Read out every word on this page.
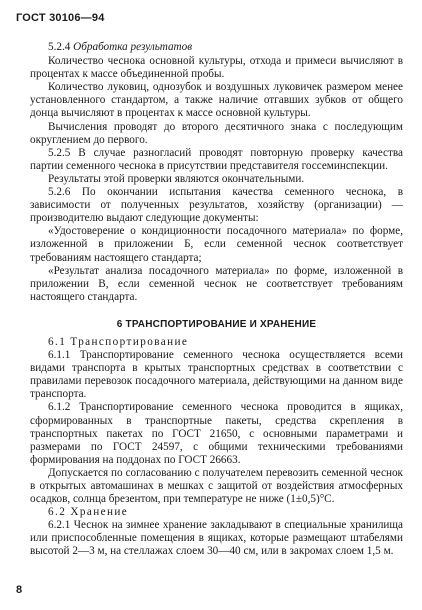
ГОСТ 30106—94

5.2.4 Обработка результатов

Количество чеснока основной культуры, отхода и примеси вычисляют в процентах к массе объединенной пробы.

Количество луковиц, однозубок и воздушных луковичек размером менее установленного стандартом, а также наличие отгавших зубков от общего донца вычисляют в процентах к массе основной культуры.

Вычисления проводят до второго десятичного знака с последующим округлением до первого.

5.2.5 В случае разногласий проводят повторную проверку качества партии семенного чеснока в присутствии представителя госсеминспекции.

Результаты этой проверки являются окончательными.

5.2.6 По окончании испытания качества семенного чеснока, в зависимости от полученных результатов, хозяйству (организации) — производителю выдают следующие документы:

«Удостоверение о кондиционности посадочного материала» по форме, изложенной в приложении Б, если семенной чеснок соответствует требованиям настоящего стандарта;

«Результат анализа посадочного материала» по форме, изложенной в приложении В, если семенной чеснок не соответствует требованиям настоящего стандарта.

6 ТРАНСПОРТИРОВАНИЕ И ХРАНЕНИЕ

6.1 Транспортирование

6.1.1 Транспортирование семенного чеснока осуществляется всеми видами транспорта в крытых транспортных средствах в соответствии с правилами перевозок посадочного материала, действующими на данном виде транспорта.

6.1.2 Транспортирование семенного чеснока проводится в ящиках, сформированных в транспортные пакеты, средства скрепления в транспортных пакетах по ГОСТ 21650, с основными параметрами и размерами по ГОСТ 24597, с общими техническими требованиями формирования на поддонах по ГОСТ 26663.

Допускается по согласованию с получателем перевозить семенной чеснок в открытых автомашинах в мешках с защитой от воздействия атмосферных осадков, солнца брезентом, при температуре не ниже (1±0,5)°С.

6.2 Хранение

6.2.1 Чеснок на зимнее хранение закладывают в специальные хранилища или приспособленные помещения в ящиках, которые размещают штабелями высотой 2—3 м, на стеллажах слоем 30—40 см, или в закромах слоем 1,5 м.

8
